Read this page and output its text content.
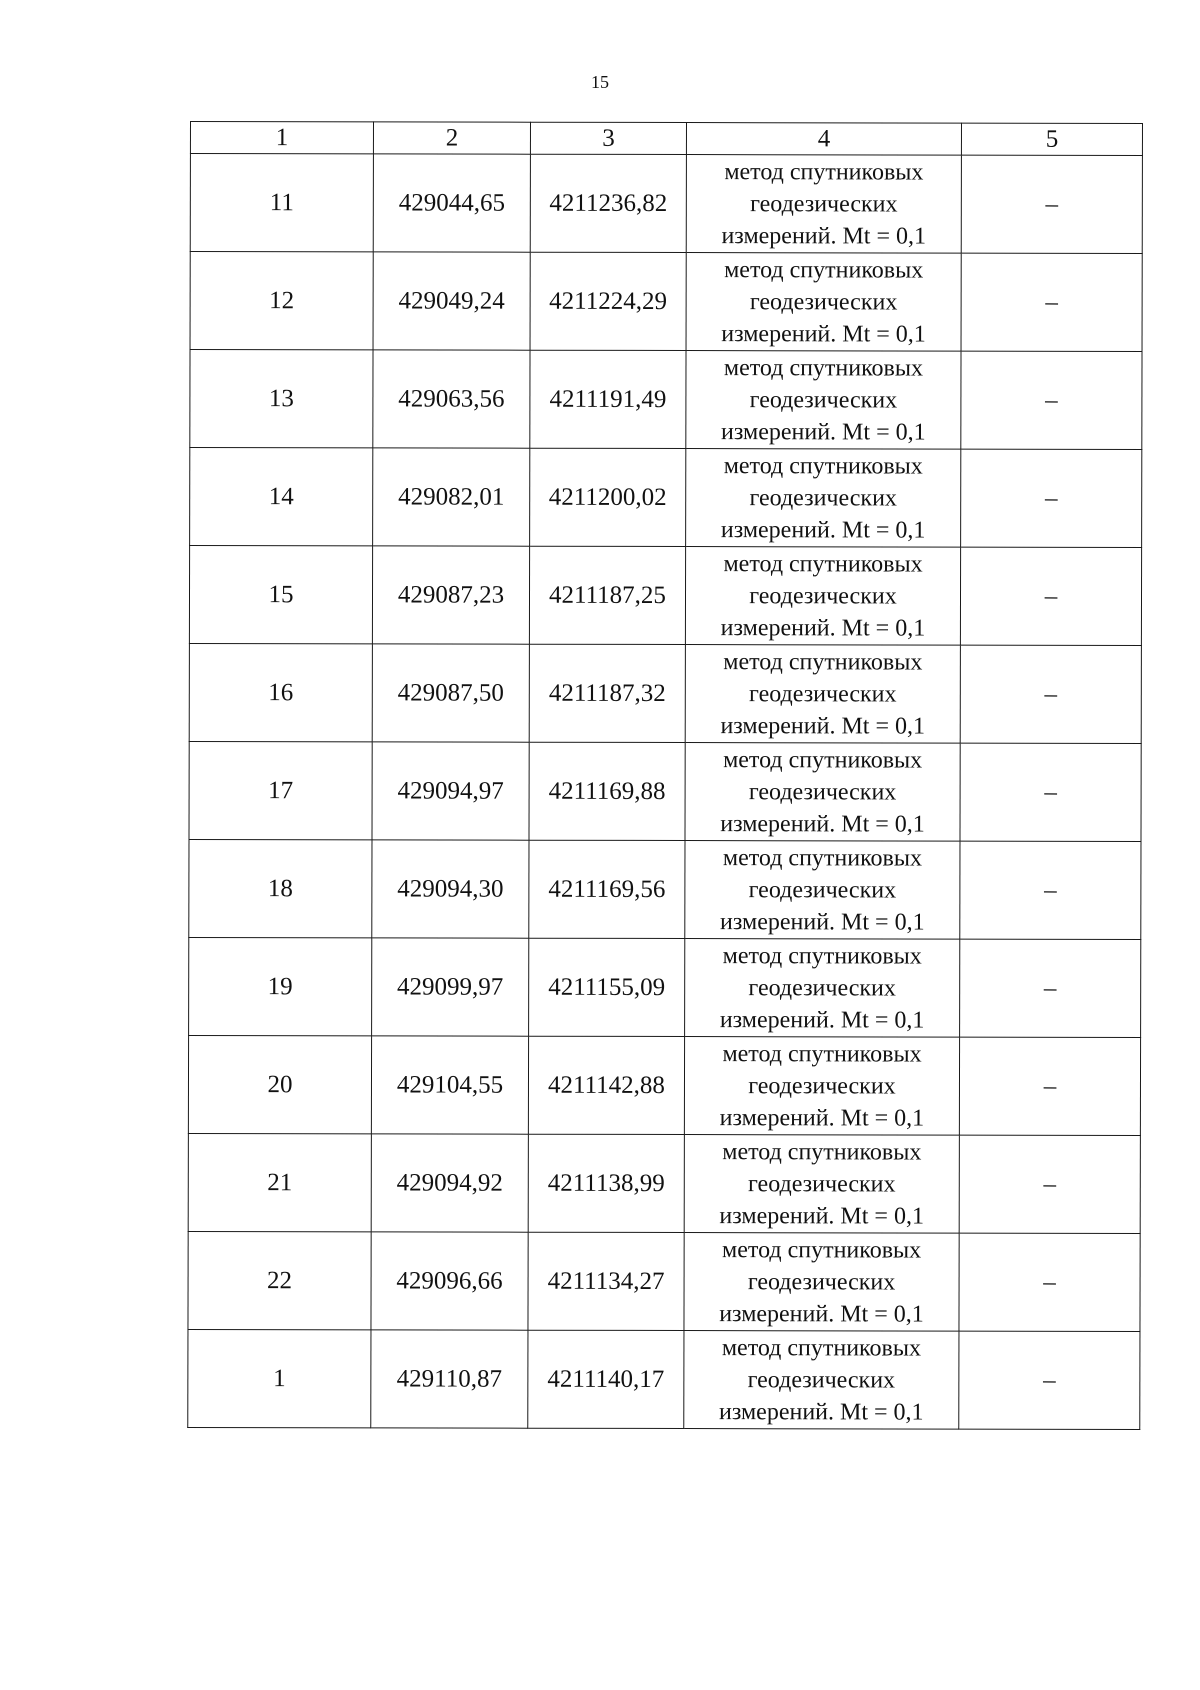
15
1	2	3	4	5
11	429044,65	4211236,82	метод спутниковых
геодезических
измерений. Mt = 0,1	–
12	429049,24	4211224,29	метод спутниковых
геодезических
измерений. Mt = 0,1	–
13	429063,56	4211191,49	метод спутниковых
геодезических
измерений. Mt = 0,1	–
14	429082,01	4211200,02	метод спутниковых
геодезических
измерений. Mt = 0,1	–
15	429087,23	4211187,25	метод спутниковых
геодезических
измерений. Mt = 0,1	–
16	429087,50	4211187,32	метод спутниковых
геодезических
измерений. Mt = 0,1	–
17	429094,97	4211169,88	метод спутниковых
геодезических
измерений. Mt = 0,1	–
18	429094,30	4211169,56	метод спутниковых
геодезических
измерений. Mt = 0,1	–
19	429099,97	4211155,09	метод спутниковых
геодезических
измерений. Mt = 0,1	–
20	429104,55	4211142,88	метод спутниковых
геодезических
измерений. Mt = 0,1	–
21	429094,92	4211138,99	метод спутниковых
геодезических
измерений. Mt = 0,1	–
22	429096,66	4211134,27	метод спутниковых
геодезических
измерений. Mt = 0,1	–
1	429110,87	4211140,17	метод спутниковых
геодезических
измерений. Mt = 0,1	–
